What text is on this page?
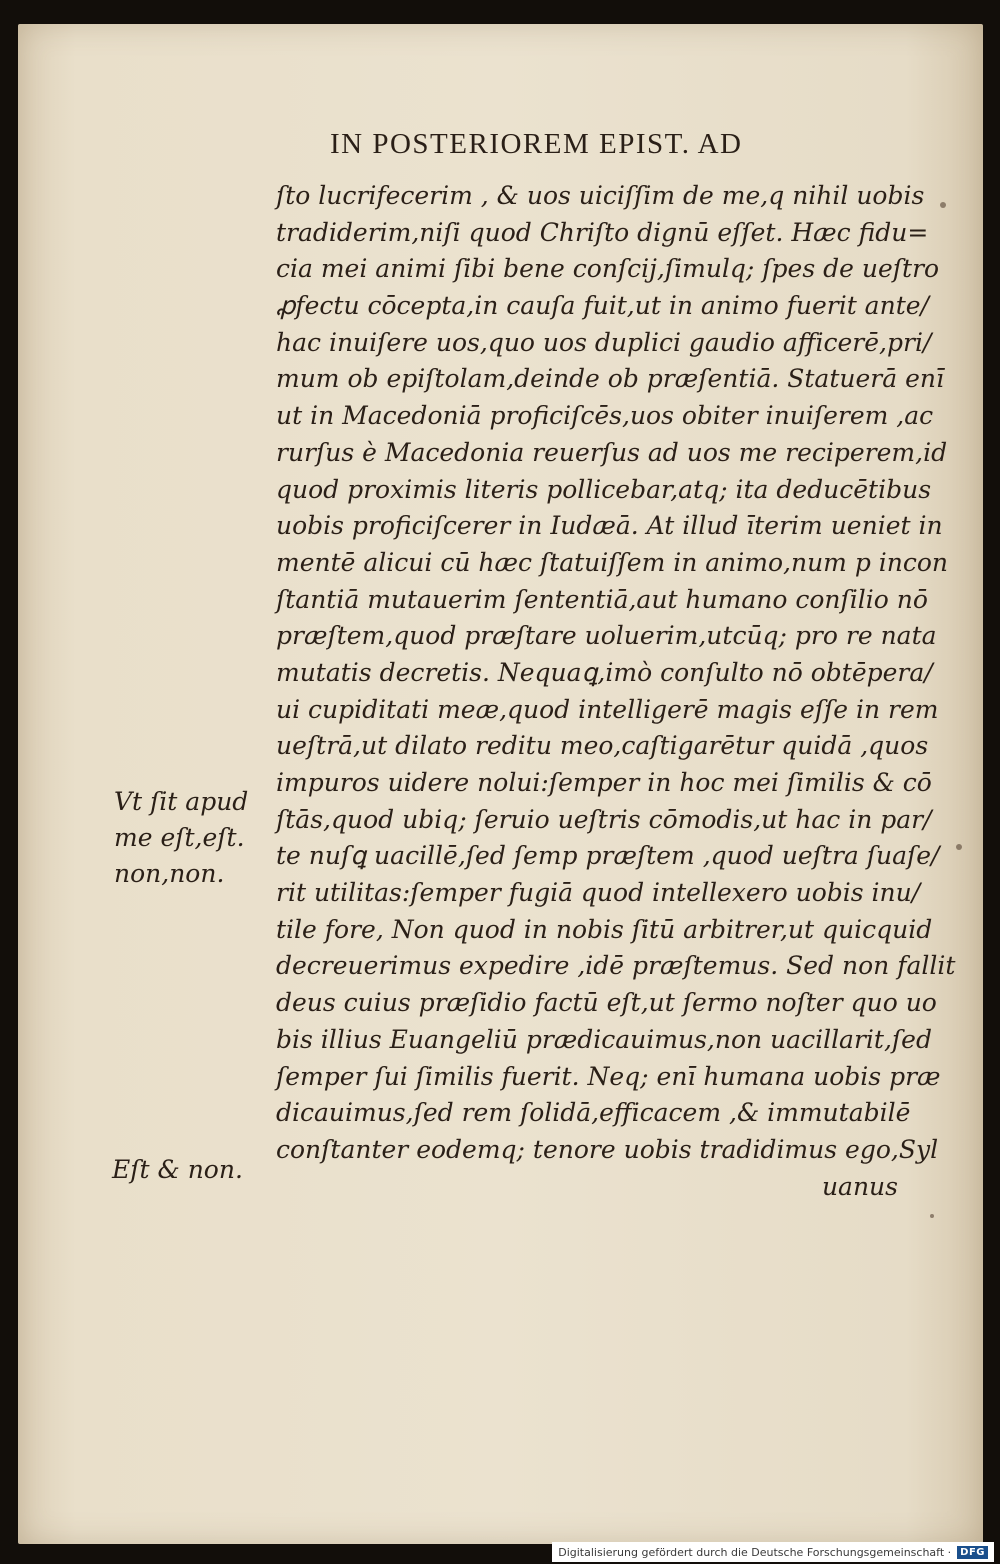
IN POSTERIOREM EPIST. AD
ſto lucrifecerim , & uos uiciſſim de me,q nihil uobis
tradiderim,niſi quod Chriſto dignū eſſet. Hæc fidu=
cia mei animi ſibi bene conſcij,ſimulq; ſpes de ueſtro
ꝓfectu cōcepta,in cauſa fuit,ut in animo fuerit ante/
hac inuiſere uos,quo uos duplici gaudio afficerē,pri/
mum ob epiſtolam,deinde ob præſentiā. Statuerā enī
ut in Macedoniā proficiſcēs,uos obiter inuiſerem ,ac
rurſus è Macedonia reuerſus ad uos me reciperem,id
quod proximis literis pollicebar,atq; ita deducētibus
uobis proficiſcerer in Iudæā. At illud īterim ueniet in
mentē alicui cū hæc ſtatuiſſem in animo,num p incon
ſtantiā mutauerim ſententiā,aut humano conſilio nō
præſtem,quod præſtare uoluerim,utcūq; pro re nata
mutatis decretis. Nequaꝗ,imò conſulto nō obtēpera/
ui cupiditati meæ,quod intelligerē magis eſſe in rem
ueſtrā,ut dilato reditu meo,caſtigarētur quidā ,quos
impuros uidere nolui:ſemper in hoc mei ſimilis & cō
ſtās,quod ubiq; ſeruio ueſtris cōmodis,ut hac in par/
te nuſꝗ uacillē,ſed ſemp præſtem ,quod ueſtra ſuaſe/
rit utilitas:ſemper fugiā quod intellexero uobis inu/
tile fore, Non quod in nobis ſitū arbitrer,ut quicquid
decreuerimus expedire ,idē præſtemus. Sed non fallit
deus cuius præſidio factū eſt,ut ſermo noſter quo uo
bis illius Euangeliū prædicauimus,non uacillarit,ſed
ſemper ſui ſimilis fuerit. Neq; enī humana uobis præ
dicauimus,ſed rem ſolidā,efficacem ,& immutabilē
conſtanter eodemq; tenore uobis tradidimus ego,Syl
uanus
Vt ſit apud
me eſt,eſt.
non,non.
Eſt & non.
Digitalisierung gefördert durch die Deutsche Forschungsgemeinschaft · DFG
